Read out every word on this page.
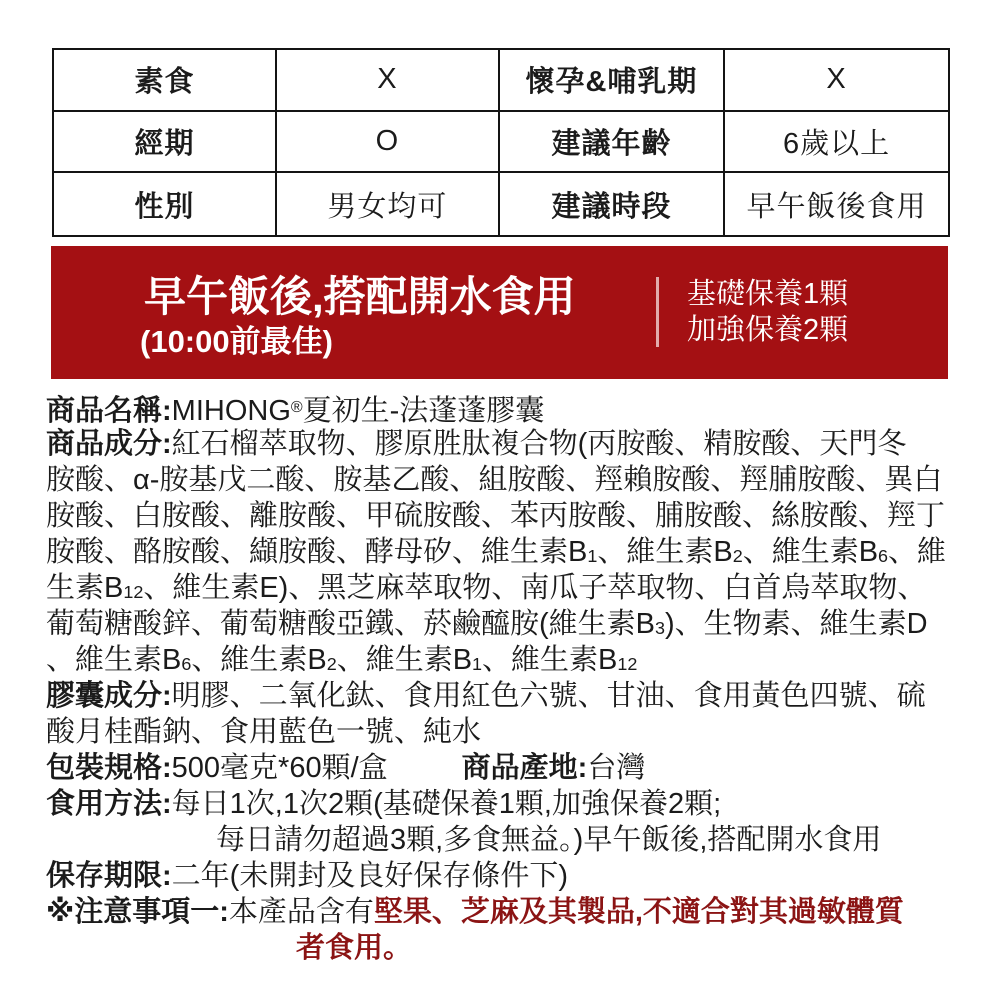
素食	X	懷孕&哺乳期	X
經期	O	建議年齡	6歲以上
性別	男女均可	建議時段	早午飯後食用
早午飯後,搭配開水食用
(10:00前最佳)
基礎保養1顆
加強保養2顆
商品名稱:MIHONG®夏初生-法蓬蓬膠囊
商品成分:紅石榴萃取物、膠原胜肽複合物(丙胺酸、精胺酸、天門冬
胺酸、α-胺基戊二酸、胺基乙酸、組胺酸、羥賴胺酸、羥脯胺酸、異白
胺酸、白胺酸、離胺酸、甲硫胺酸、苯丙胺酸、脯胺酸、絲胺酸、羥丁
胺酸、酪胺酸、纈胺酸、酵母矽、維生素B1、維生素B2、維生素B6、維
生素B12、維生素E)、黑芝麻萃取物、南瓜子萃取物、白首烏萃取物、
葡萄糖酸鋅、葡萄糖酸亞鐵、菸鹼醯胺(維生素B3)、生物素、維生素D
、維生素B6、維生素B2、維生素B1、維生素B12
膠囊成分:明膠、二氧化鈦、食用紅色六號、甘油、食用黃色四號、硫
酸月桂酯鈉、食用藍色一號、純水
包裝規格:500毫克*60顆/盒	商品產地:台灣
食用方法:每日1次,1次2顆(基礎保養1顆,加強保養2顆;
每日請勿超過3顆,多食無益。)早午飯後,搭配開水食用
保存期限:二年(未開封及良好保存條件下)
※注意事項一:本產品含有堅果、芝麻及其製品,不適合對其過敏體質
者食用。
